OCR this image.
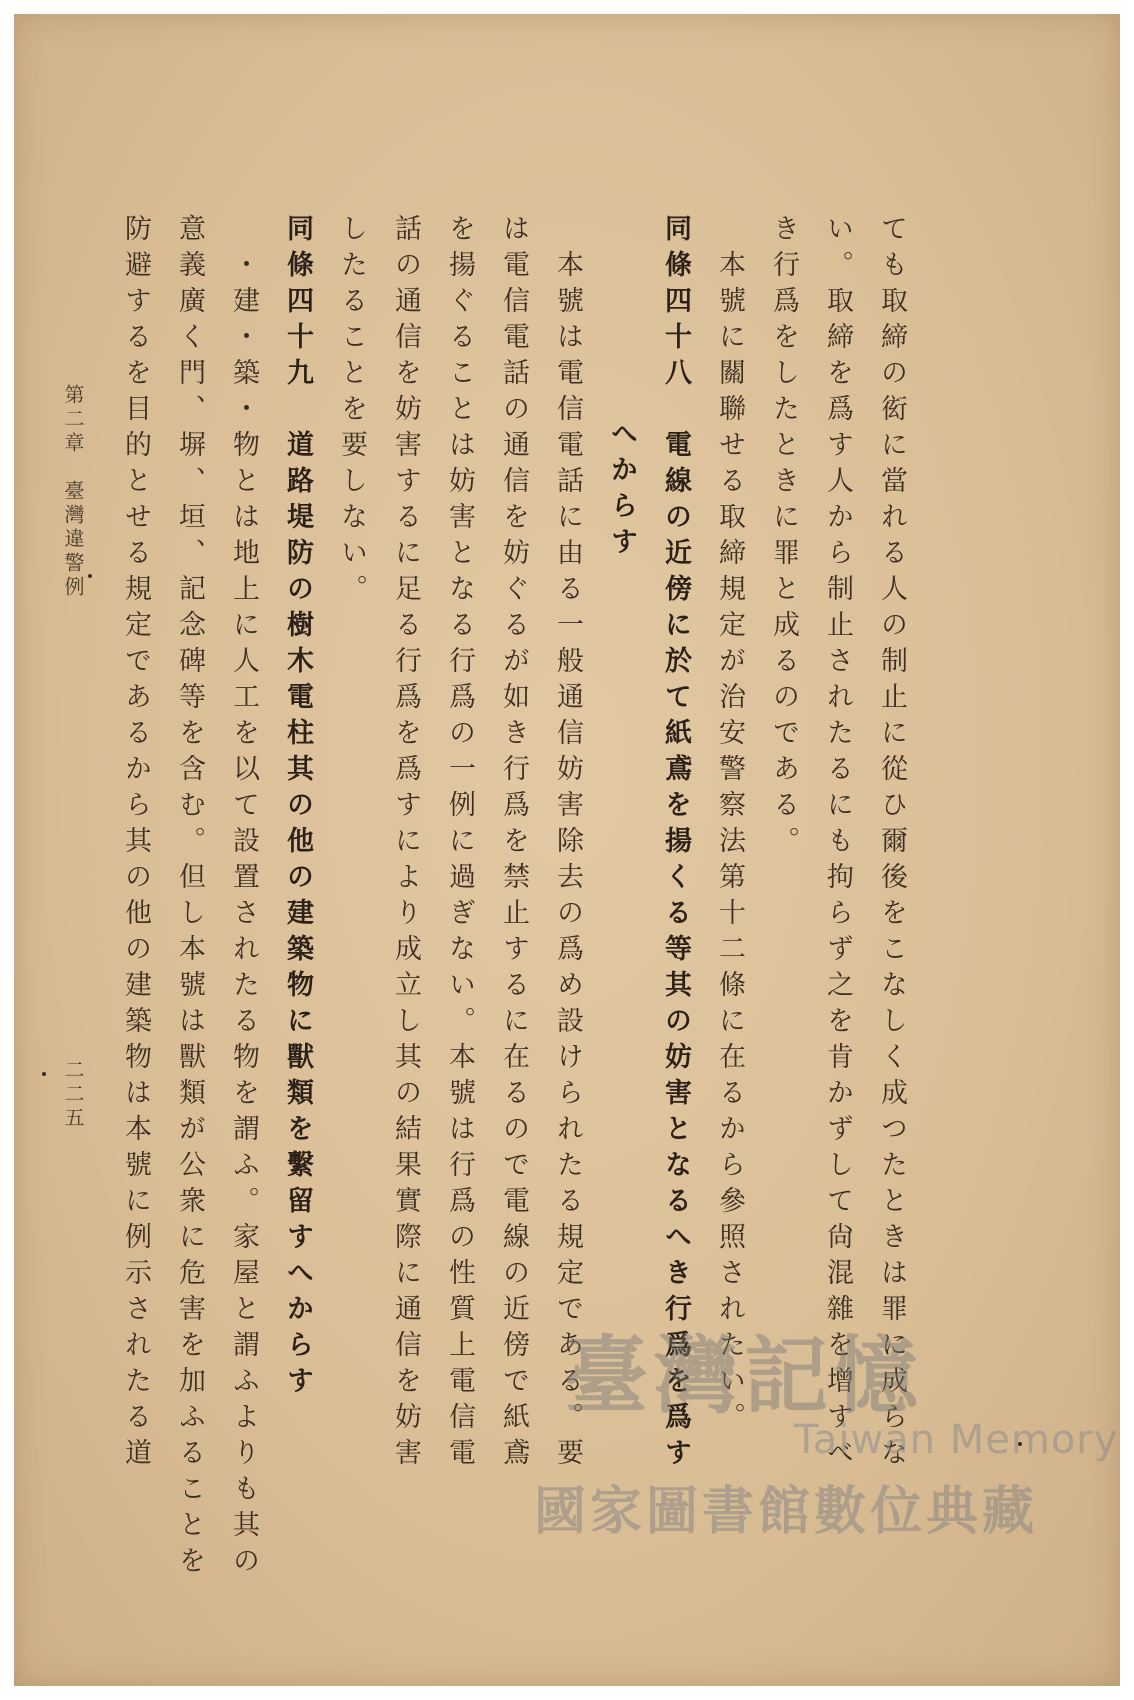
ても取締の衒に當れる人の制止に從ひ爾後をこなしく成つたときは罪に成らな
い。取締を爲す人から制止されたるにも拘らず之を肯かずして尙混雜を增すべ
き行爲をしたときに罪と成るのである。
本號に關聯せる取締規定が治安警察法第十二條に在るから參照されたい。
同條四十八　電線の近傍に於て紙鳶を揚くる等其の妨害となるへき行爲を爲す
へからす
本號は電信電話に由る一般通信妨害除去の爲め設けられたる規定である。要
は電信電話の通信を妨ぐるが如き行爲を禁止するに在るので電線の近傍で紙鳶
を揚ぐることは妨害となる行爲の一例に過ぎない。本號は行爲の性質上電信電
話の通信を妨害するに足る行爲を爲すにより成立し其の結果實際に通信を妨害
したることを要しない。
同條四十九　道路堤防の樹木電柱其の他の建築物に獸類を繫留すへからす
・建・築・物とは地上に人工を以て設置されたる物を謂ふ。家屋と謂ふよりも其の
意義廣く門、塀、垣、記念碑等を含む。但し本號は獸類が公衆に危害を加ふることを
防避するを目的とせる規定であるから其の他の建築物は本號に例示されたる道
第二章　臺灣違警例
二二五
臺灣記憶
Taiwan Memory
國家圖書館數位典藏
